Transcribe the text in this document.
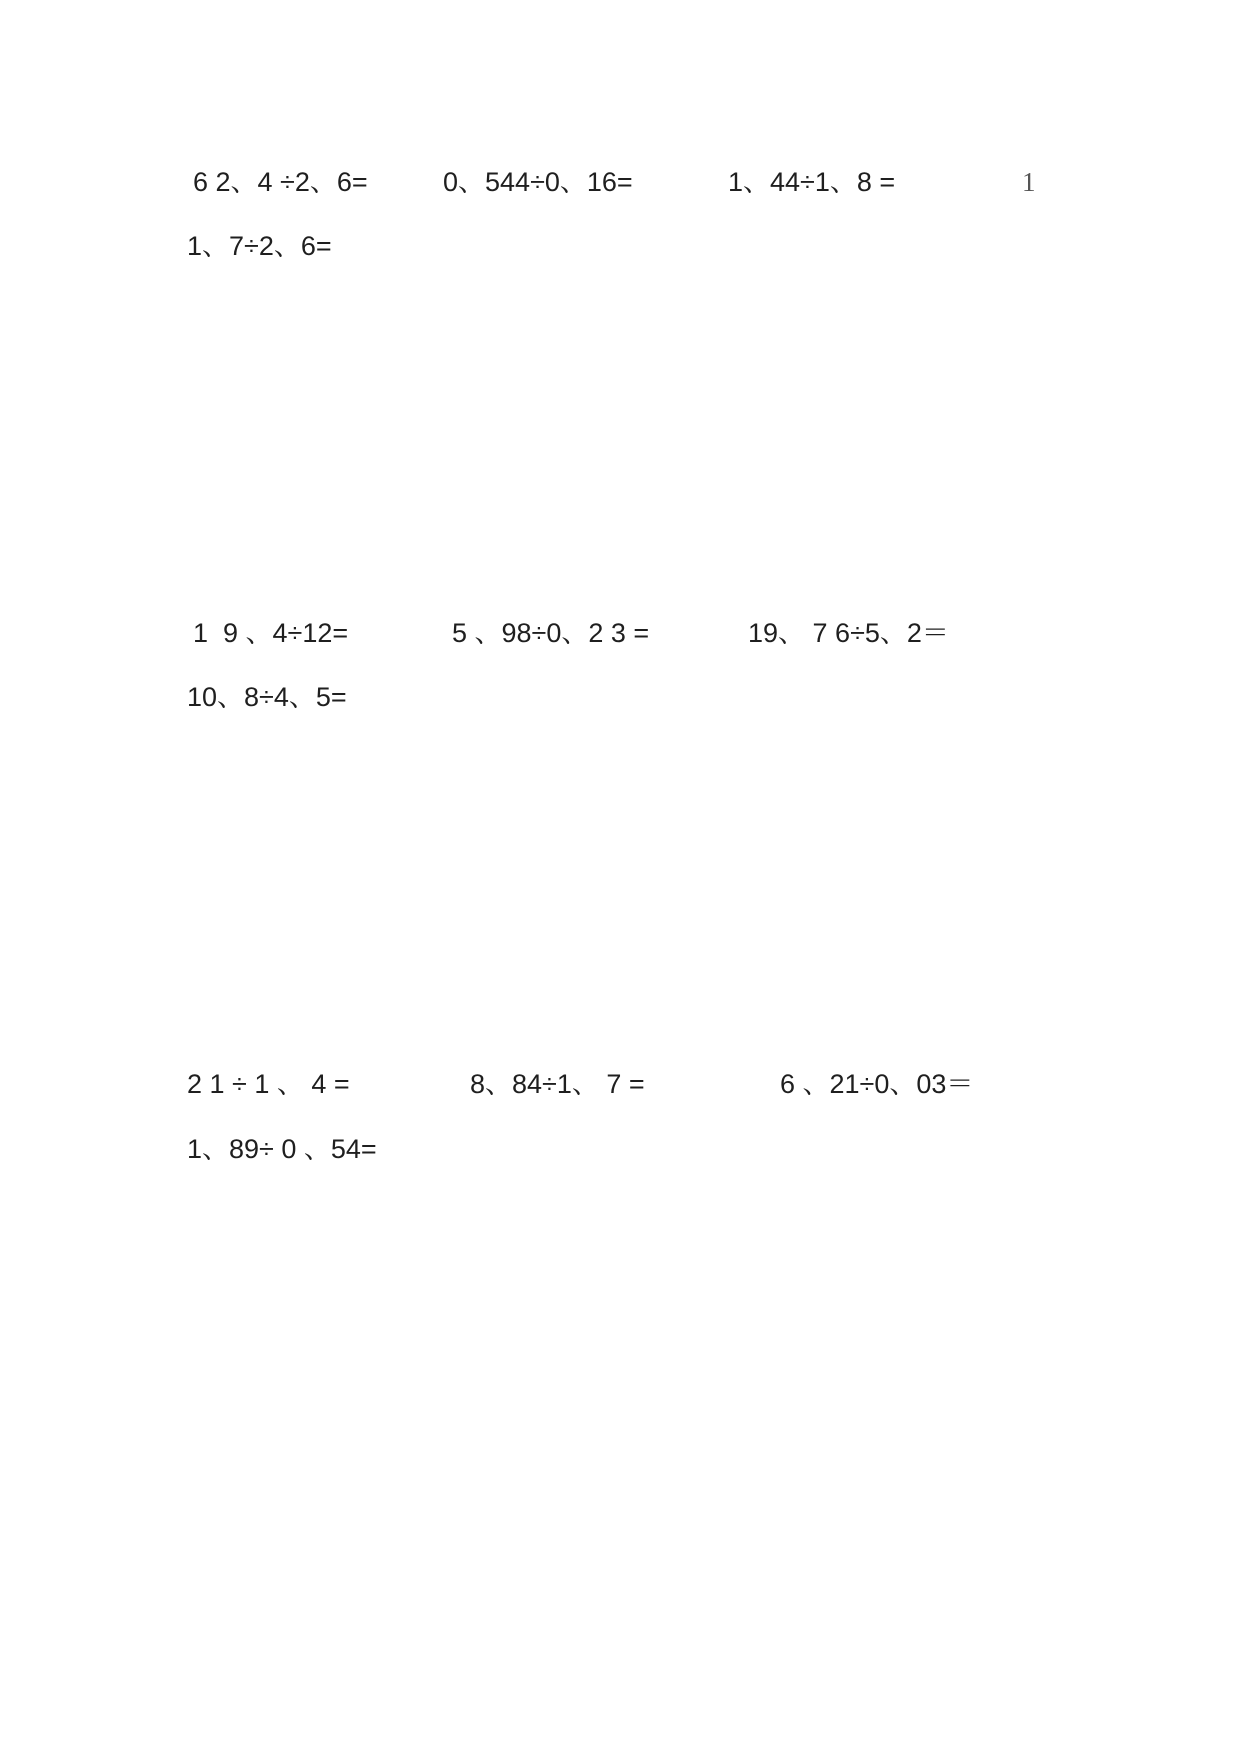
6 2、4 ÷2、6=	0、544÷0、16=	1、44÷1、8 =	1
1、7÷2、6=
1  9 、4÷12=	5 、98÷0、2 3 =	19、 7 6÷5、2＝
10、8÷4、5=
2 1 ÷ 1 、 4 =	8、84÷1、 7 =	6 、21÷0、03＝
1、89÷ 0 、54=
